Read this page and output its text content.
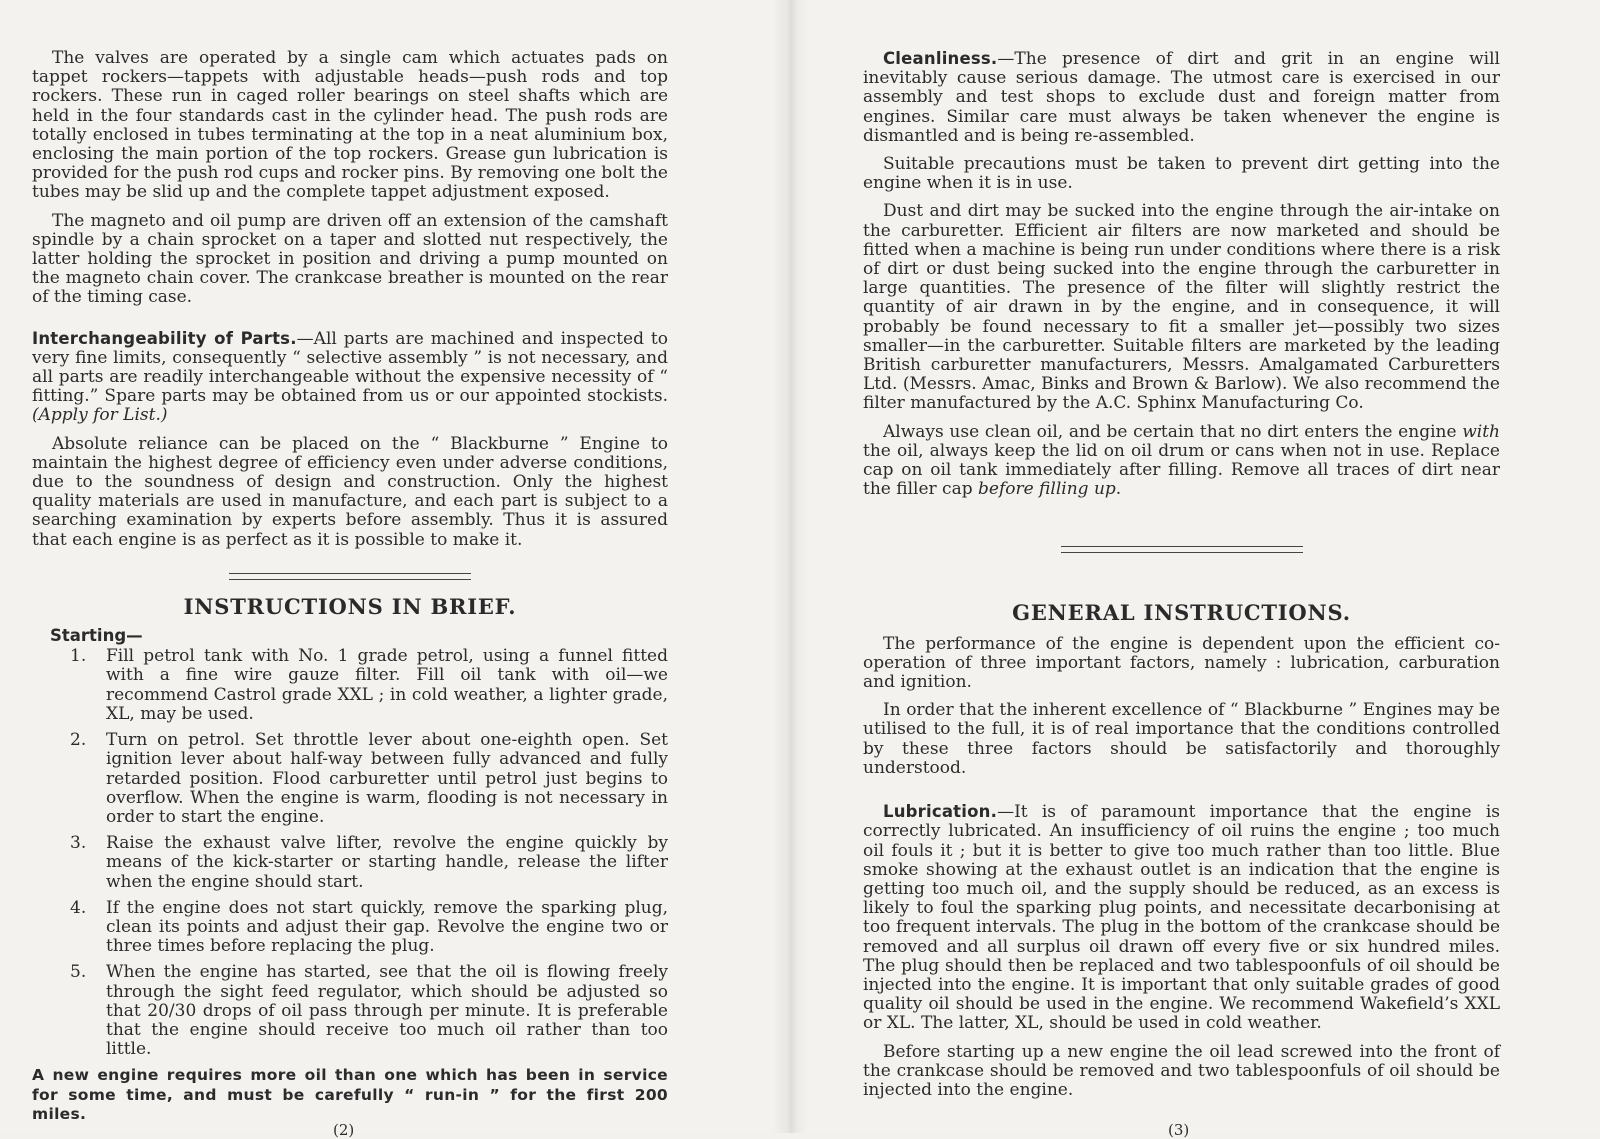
The valves are operated by a single cam which actuates pads on tappet rockers—tappets with adjustable heads—push rods and top rockers. These run in caged roller bearings on steel shafts which are held in the four standards cast in the cylinder head. The push rods are totally enclosed in tubes terminating at the top in a neat aluminium box, enclosing the main portion of the top rockers. Grease gun lubrication is provided for the push rod cups and rocker pins. By removing one bolt the tubes may be slid up and the complete tappet adjustment exposed.

The magneto and oil pump are driven off an extension of the camshaft spindle by a chain sprocket on a taper and slotted nut respectively, the latter holding the sprocket in position and driving a pump mounted on the magneto chain cover. The crankcase breather is mounted on the rear of the timing case.

Interchangeability of Parts.—All parts are machined and inspected to very fine limits, consequently “ selective assembly ” is not necessary, and all parts are readily interchangeable without the expensive necessity of “ fitting.” Spare parts may be obtained from us or our appointed stockists. (Apply for List.)

Absolute reliance can be placed on the “ Blackburne ” Engine to maintain the highest degree of efficiency even under adverse conditions, due to the soundness of design and construction. Only the highest quality materials are used in manufacture, and each part is subject to a searching examination by experts before assembly. Thus it is assured that each engine is as perfect as it is possible to make it.

INSTRUCTIONS IN BRIEF.
Starting—
1. Fill petrol tank with No. 1 grade petrol, using a funnel fitted with a fine wire gauze filter. Fill oil tank with oil—we recommend Castrol grade XXL ; in cold weather, a lighter grade, XL, may be used.
2. Turn on petrol. Set throttle lever about one-eighth open. Set ignition lever about half-way between fully advanced and fully retarded position. Flood carburetter until petrol just begins to overflow. When the engine is warm, flooding is not necessary in order to start the engine.
3. Raise the exhaust valve lifter, revolve the engine quickly by means of the kick-starter or starting handle, release the lifter when the engine should start.
4. If the engine does not start quickly, remove the sparking plug, clean its points and adjust their gap. Revolve the engine two or three times before replacing the plug.
5. When the engine has started, see that the oil is flowing freely through the sight feed regulator, which should be adjusted so that 20/30 drops of oil pass through per minute. It is preferable that the engine should receive too much oil rather than too little.
A new engine requires more oil than one which has been in service for some time, and must be carefully “ run-in ” for the first 200 miles.
(2)

Cleanliness.—The presence of dirt and grit in an engine will inevitably cause serious damage. The utmost care is exercised in our assembly and test shops to exclude dust and foreign matter from engines. Similar care must always be taken whenever the engine is dismantled and is being re-assembled.

Suitable precautions must be taken to prevent dirt getting into the engine when it is in use.

Dust and dirt may be sucked into the engine through the air-intake on the carburetter. Efficient air filters are now marketed and should be fitted when a machine is being run under conditions where there is a risk of dirt or dust being sucked into the engine through the carburetter in large quantities. The presence of the filter will slightly restrict the quantity of air drawn in by the engine, and in consequence, it will probably be found necessary to fit a smaller jet—possibly two sizes smaller—in the carburetter. Suitable filters are marketed by the leading British carburetter manufacturers, Messrs. Amalgamated Carburetters Ltd. (Messrs. Amac, Binks and Brown & Barlow). We also recommend the filter manufactured by the A.C. Sphinx Manufacturing Co.

Always use clean oil, and be certain that no dirt enters the engine with the oil, always keep the lid on oil drum or cans when not in use. Replace cap on oil tank immediately after filling. Remove all traces of dirt near the filler cap before filling up.

GENERAL INSTRUCTIONS.

The performance of the engine is dependent upon the efficient co-operation of three important factors, namely : lubrication, carburation and ignition.

In order that the inherent excellence of “ Blackburne ” Engines may be utilised to the full, it is of real importance that the conditions controlled by these three factors should be satisfactorily and thoroughly understood.

Lubrication.—It is of paramount importance that the engine is correctly lubricated. An insufficiency of oil ruins the engine ; too much oil fouls it ; but it is better to give too much rather than too little. Blue smoke showing at the exhaust outlet is an indication that the engine is getting too much oil, and the supply should be reduced, as an excess is likely to foul the sparking plug points, and necessitate decarbonising at too frequent intervals. The plug in the bottom of the crankcase should be removed and all surplus oil drawn off every five or six hundred miles. The plug should then be replaced and two tablespoonfuls of oil should be injected into the engine. It is important that only suitable grades of good quality oil should be used in the engine. We recommend Wakefield’s XXL or XL. The latter, XL, should be used in cold weather.

Before starting up a new engine the oil lead screwed into the front of the crankcase should be removed and two tablespoonfuls of oil should be injected into the engine.

(3)
